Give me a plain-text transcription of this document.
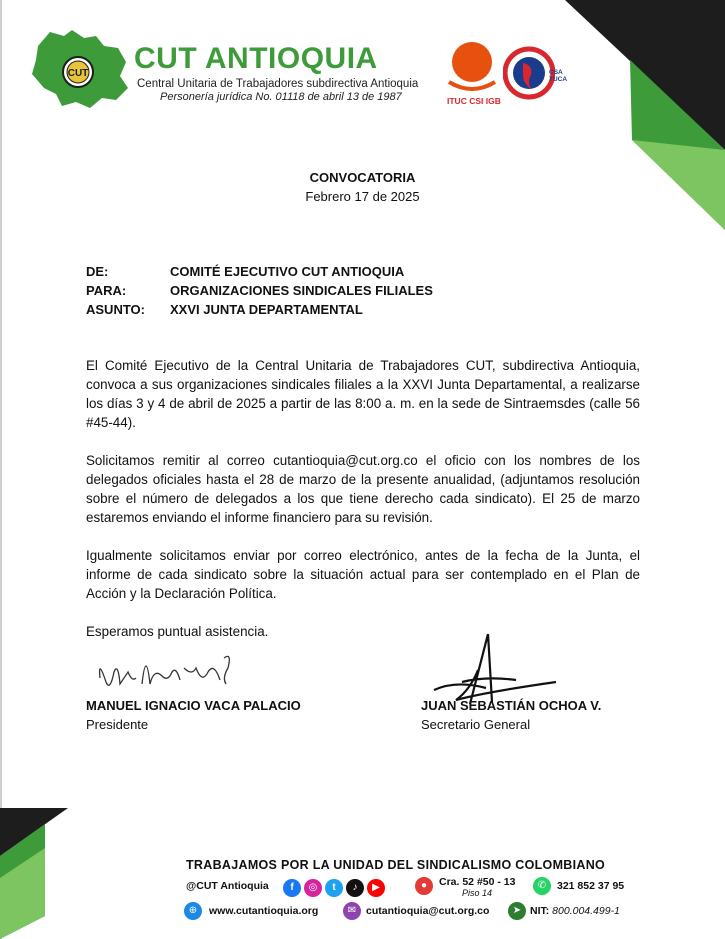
CUT CUT ANTIOQUIA
Central Unitaria de Trabajadores subdirectiva Antioquia
Personería jurídica No. 01118 de abril 13 de 1987	ITUC CSI IGB
CSA
TUCA
CONVOCATORIA
Febrero 17 de 2025
DE:	COMITÉ EJECUTIVO CUT ANTIOQUIA
PARA:	ORGANIZACIONES SINDICALES FILIALES
ASUNTO: XXVI JUNTA DEPARTAMENTAL
El Comité Ejecutivo de la Central Unitaria de Trabajadores CUT, subdirectiva Antioquia, convoca a sus organizaciones sindicales filiales a la XXVI Junta Departamental, a realizarse los días 3 y 4 de abril de 2025 a partir de las 8:00 a. m. en la sede de Sintraemsdes (calle 56 #45-44).
Solicitamos remitir al correo cutantioquia@cut.org.co el oficio con los nombres de los delegados oficiales hasta el 28 de marzo de la presente anualidad, (adjuntamos resolución sobre el número de delegados a los que tiene derecho cada sindicato). El 25 de marzo estaremos enviando el informe financiero para su revisión.
Igualmente solicitamos enviar por correo electrónico, antes de la fecha de la Junta, el informe de cada sindicato sobre la situación actual para ser contemplado en el Plan de Acción y la Declaración Política.
Esperamos puntual asistencia.
MANUEL IGNACIO VACA PALACIO
Presidente
JUAN SEBASTIÁN OCHOA V.
Secretario General
TRABAJAMOS POR LA UNIDAD DEL SINDICALISMO COLOMBIANO
@CUT Antioquia	f ◎ t ♪ ▶	●	Cra. 52 #50 - 13
Piso 14
✆	321 852 37 95
⊕	www.cutantioquia.org	✉ cutantioquia@cut.org.co	➤ NIT: 800.004.499-1
